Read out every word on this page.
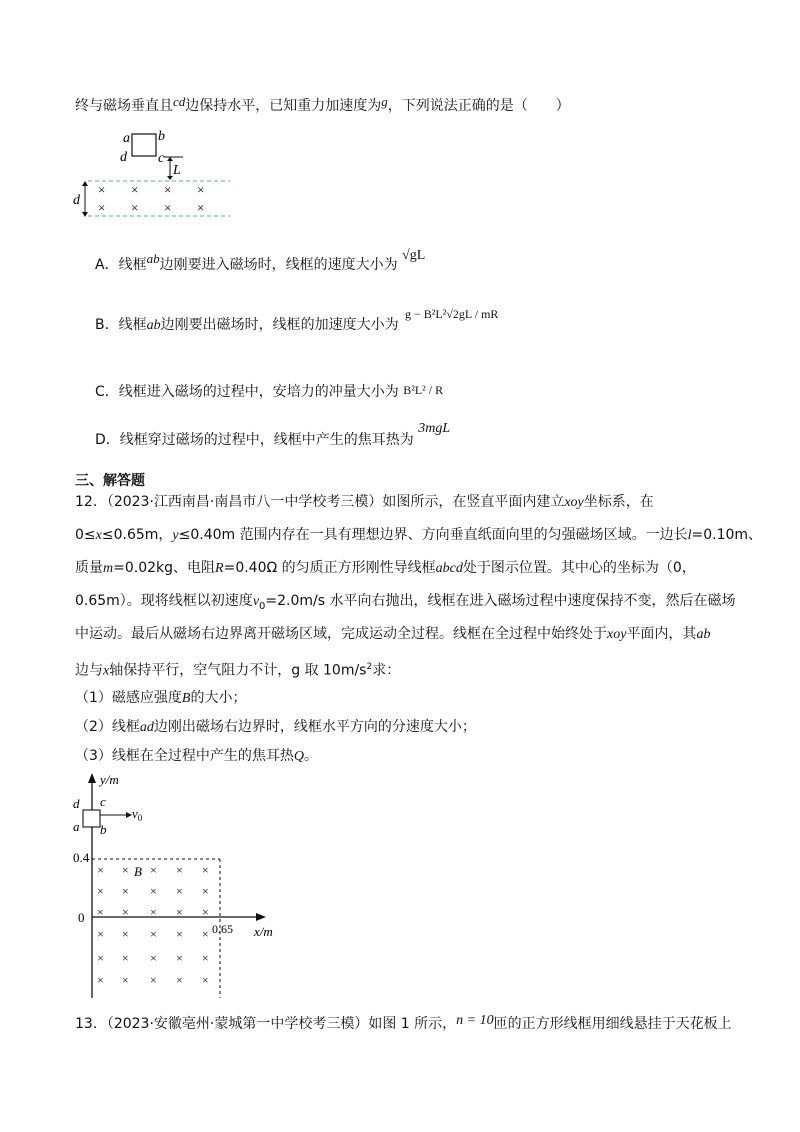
终与磁场垂直且cd边保持水平，已知重力加速度为g，下列说法正确的是（　　）
a b
d c
L
d
× × × ×
× × × ×
A．线框ab边刚要进入磁场时，线框的速度大小为 √gL
B．线框ab边刚要出磁场时，线框的加速度大小为
g − B²L²√2gL / mR
C．线框进入磁场的过程中，安培力的冲量大小为 B²L² / R
D．线框穿过磁场的过程中，线框中产生的焦耳热为 3mgL
三、解答题
12．（2023·江西南昌·南昌市八一中学校考三模）如图所示，在竖直平面内建立xoy坐标系，在
0≤x≤0.65m，y≤0.40m 范围内存在一具有理想边界、方向垂直纸面向里的匀强磁场区域。一边长l=0.10m、
质量m=0.02kg、电阻R=0.40Ω 的匀质正方形刚性导线框abcd处于图示位置。其中心的坐标为（0，
0.65m）。现将线框以初速度$v_0=2.0m/s$ 水平向右抛出，线框在进入磁场过程中速度保持不变，然后在磁场
中运动。最后从磁场右边界离开磁场区域，完成运动全过程。线框在全过程中始终处于xoy平面内，其ab
边与x轴保持平行，空气阻力不计，g 取 $10m/s^2$求：
（1）磁感应强度B的大小；
（2）线框ad边刚出磁场右边界时，线框水平方向的分速度大小；
（3）线框在全过程中产生的焦耳热Q。
y/m
x/m
0.4
0
0.65
d c
a b
$v_0$
× × B × × ×
× × × × ×
× × × × ×
× × × × ×
× × × × ×
× × × × ×
13．（2023·安徽亳州·蒙城第一中学校考三模）如图 1 所示，n = 10匝的正方形线框用细线悬挂于天花板上
